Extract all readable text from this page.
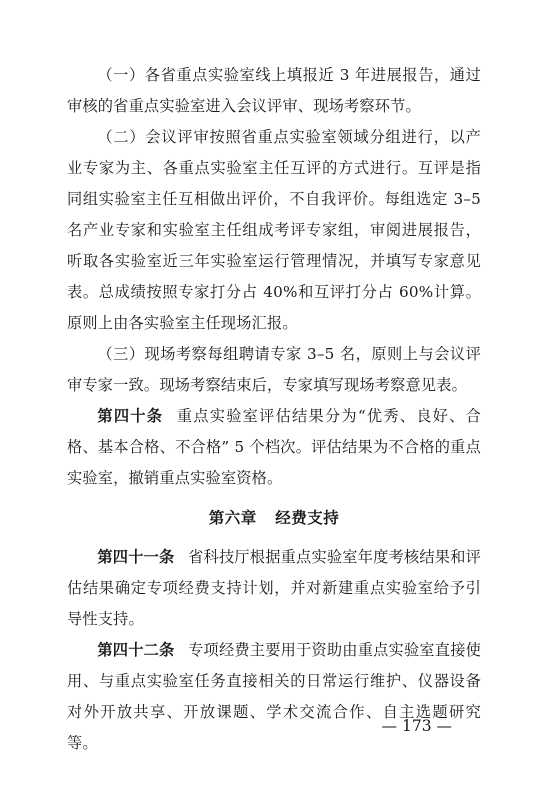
（一）各省重点实验室线上填报近 3 年进展报告，通过审核的省重点实验室进入会议评审、现场考察环节。

（二）会议评审按照省重点实验室领域分组进行，以产业专家为主、各重点实验室主任互评的方式进行。互评是指同组实验室主任互相做出评价，不自我评价。每组选定 3–5 名产业专家和实验室主任组成考评专家组，审阅进展报告，听取各实验室近三年实验室运行管理情况，并填写专家意见表。总成绩按照专家打分占 40%和互评打分占 60%计算。原则上由各实验室主任现场汇报。

（三）现场考察每组聘请专家 3–5 名，原则上与会议评审专家一致。现场考察结束后，专家填写现场考察意见表。

第四十条 重点实验室评估结果分为“优秀、良好、合格、基本合格、不合格” 5 个档次。评估结果为不合格的重点实验室，撤销重点实验室资格。

第六章 经费支持

第四十一条 省科技厅根据重点实验室年度考核结果和评估结果确定专项经费支持计划，并对新建重点实验室给予引导性支持。

第四十二条 专项经费主要用于资助由重点实验室直接使用、与重点实验室任务直接相关的日常运行维护、仪器设备对外开放共享、开放课题、学术交流合作、自主选题研究等。

— 173 —
